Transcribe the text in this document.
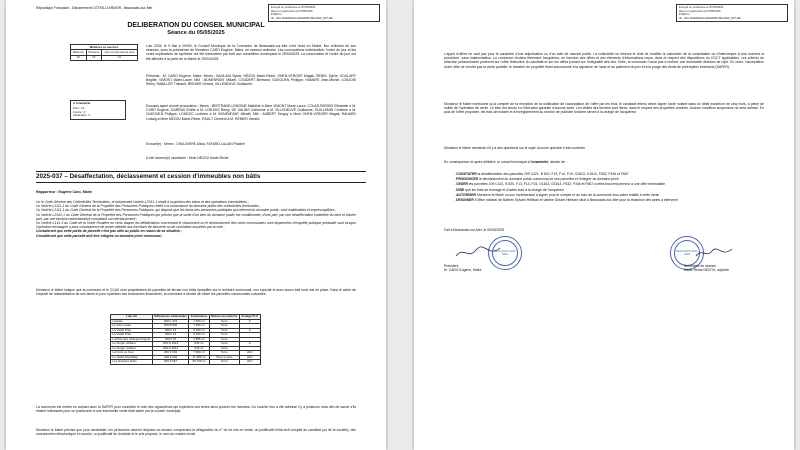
République Française - Département CÔTES-D'ARMOR - Beaussais-sur-Mer	Envoyé en préfecture le 07/05/2025
Reçu en préfecture le 07/05/2025
Publié le
ID : 022-200069409-20250505-DEL2025_037-DE
DELIBERATION DU CONSEIL MUNICIPAL
Séance du 05/05/2025
Membres en exercice		
Afférents	Présents	Qui ont pris part au vote
23	19	21
A l'unanimité
Pour : 21
Contre : 0
Abstention : 0
L'an 2025, le 5 Mai à 20h30, le Conseil Municipal de la Commune de Beaussais-sur-Mer s'est réuni en Mairie, lieu ordinaire de ses séances, sous la présidence de Monsieur CARO Eugène, Maire, en session ordinaire. Les convocations individuelles, l'ordre du jour et les notes explicatives de synthèse ont été transmises par écrit aux conseillers municipaux le 29/04/2025. La convocation et l'ordre du jour ont été affichés à la porte de la Mairie le 29/04/2025.
Présents : M. CARO Eugène, Maire, Mmes : BAULAIN Sylvie, NÉZOU Marie-Reine, OHEN-VERGER Magali, RENEL Sylvie, SOULARY Brigitte, VIMONT Marie-Laure, MM : BONENFANT Mikaël, COUDERT Bertrand, GUEGUEN Philippe, HAMAYE Jean-Michel, LOBJOIS Rémy, RABILLER Thibault, REINIER Gérard, VILLENEUVE Guillaume.
Excusés ayant donné procuration : Mmes : BERTRAND-LEMOINE Mathilde à Mme VIMONT Marie-Laure, COLAS-PARISIS Élisabeth à M. CARO Eugène, DARRAS Émilie à M. LOBJOIS Rémy, DE SALINS Catherine à M. VILLENEUVE Guillaume, GUILLEMIN Christine à M. GUEGUEN Philippe, LOHEZIC Ludivine à M. BONENFANT Mikaël, MM : AUBERT Tanguy à Mme OHEN-VERGER Magali, RAHARD Ludwig à Mme NÉZOU Marie-Reine, RAULT Clément à M. RENIER Gérard.
Excusé(e) : Mmes : CHAUVIERE Alicia, FAFARD-LALAIN Pauline
A été nommé(e) secrétaire : Mme NÉZOU Marie-Reine
2025-037 – Désaffectation, déclassement et cession d'immeubles non bâtis
Rapporteur : Eugène Caro, Maire
Vu le Code Général des Collectivités Territoriales, et notamment l'article L2241-1 relatif à la gestion des biens et des opérations immobilières ;
Vu l'article L2111-1 du Code Général de la Propriété des Personnes Publiques relatif à la consistance du domaine public des collectivités territoriales ;
Vu l'article L2111-1 du Code Général de la Propriété des Personnes Publiques, qui dispose que les biens des personnes publiques qui relèvent du domaine public, sont inaliénables et imprescriptibles ;
Vu l'article L2141-1 du Code Général de la Propriété des Personnes Publiques qui précise que la sortie d'un bien du domaine public est conditionnée, d'une part, par une désaffectation matérielle du bien et d'autre part, par une décision administrative constatant son déclassement ;
Vu l'article L141-3 du Code de la Voirie Routière en vertu duquel les délibérations concernant le classement ou le déclassement des voies communales sont dispensées d'enquête publique préalable sauf lorsque l'opération envisagée a pour conséquence de porter atteinte aux fonctions de desserte ou de circulation assurées par la voie ;
Considérant que cette partie de parcelle n'est pas utile au public en raison de sa situation ;
Considérant que cette parcelle doit être intégrée au domaine privé communal ;
Monsieur le Maire indique que la commune et le CCAS sont propriétaires de parcelles de terrain non bâtis éparpillés sur le territoire communal, non exploité et avec aucun bail rural mis en place. Dans le cadre de l'objectif de rationalisation de ses biens et pour optimiser ses ressources financières, la commune a décidé de céder les parcelles communales suivantes :
Lieu-dit	Références cadastrales	Contenance	Nature au cadastre	Zonage PLU
Launais	209 C 421	7 450 m²	Terre	A
Le Clos Lucas	209 B 820	7 550 m²	Terre	
La Vieille Prée	209 F 13	5 250 m²	Terre	A
La Vieille Prée	209 F 14	6 440 m²	Terre	
La Prée des Champs Poignar	209 F 15	4 865 m²	Terre	
Le Verger d'Abaut	209 G 1613	646 m²	Terre	A
Le Verger d'Abaut	209 G 1614	529 m²	Terre	
La Croix ou Coq	209 F 632	7 000 m²	Terre	2AU
Le Jardin Ploubalay	209 F 346	17 486 m²	Terre et prés	2AU
Les Grandes Noës	209 F 667	26 739 m²	Terre	2AU
La commune est entrée en contact avec la SAFER pour connaître le nom des agriculteurs qui exploitent ces terres ainsi qu'avec les riverains. Un courrier leur a été adressé il y a plusieurs mois afin de savoir s'ils étaient intéressés pour se positionner à une éventuelle vente était actée par la conseil municipal.
Monsieur le Maire précise que pour candidater, les personnes devront déposer un dossier comprenant la désignation du n° de lot mis en vente, un justificatif d'état civil complet du candidat (ou de la société), des coordonnées téléphonique et courriel, un justificatif de domicile et le prix proposé, le nom du notaire choisi.
Envoyé en préfecture le 07/05/2025
Reçu en préfecture le 07/05/2025
Publié le
ID : 022-200069409-20250505-DEL2025_037-DE
L'appel d'offres ne vaut pas pour le caractère d'une adjudication ou d'un acte de mandat public. La collectivité se réserve le droit de modifier le calendrier de la consultation ou d'interrompre à tout moment la procédure, sans indemnisation. La commune choisira librement l'acquéreur, en fonction des offres et des éléments d'informations reçus, dans le respect des dispositions du CGCT applicables. Les critères de sélection prédominants porteront sur l'offre financière du candidat et sur les offres portant sur l'intégralité des lots. Enfin, la commune n'aura pas à motiver une éventuelle décision de rejet. En outre, l'acceptation d'une offre ne vendra pas la vente parfaite, le transfert de propriété étant subordonné à la signature de l'acte et au paiement du prix et à la purge des droits de préemption éventuels (SAFER).
Monsieur le Maire mentionne qu'à compter de la réception de la notification de l'acceptation de l'offre par les élus, le candidat retenu devra signer l'acte notarié dans un délai maximum de cinq mois, à peine de nullité de l'opération de vente. Le bien est vendu en l'état sans garantie d'aucune sorte. Les visites des terrains sont libres, dans le respect des propriétés voisines. Aucune condition suspensive ne sera admise. En plus de l'offre proposée, les frais de notaire et d'enregistrement au service de publicité foncière seront à la charge de l'acquéreur.
Monsieur le Maire demande s'il y a des questions sur le sujet. Aucune question n'est soulevée.
En conséquence et après délibéré, le conseil municipal à l'unanimité, décide de :
- CONSTATER la désaffectation des parcelles 209 C421, B 820, F13, F14, F15, G1613, G1614, F632, F346 et F667
- PRONONCER le déclassement du domaine public communal de ces parcelles et l'intégrer au domaine privé
- CEDER les parcelles 209 C421, B 820, F13, F14, F15, G1613, G1614, F632, F346 et F667 si elles trouvent preneur à une offre entendable
- DIRE que les frais de bornage et d'actes sont à la charge de l'acquéreur
- AUTORISER Monsieur le Maire ou son représentant à signer pour le compte et au nom de la commune tous actes relatifs à cette vente
- DESIGNER l'Office notarial de Maîtres Sylvain Hellivan et Valérie Glissel-Hellivan situé à Beaussais-sur-Mer pour la rédaction des actes à intervenir
Fait à Beaussais-sur-Mer, le 05/05/2025
BEAUSSAIS-SUR-MER
BEAUSSAIS-SUR-MER
Président
M. CARO Eugène, Maire
Secrétaire de séance
Marie-Reine NÉZOU, adjointe
